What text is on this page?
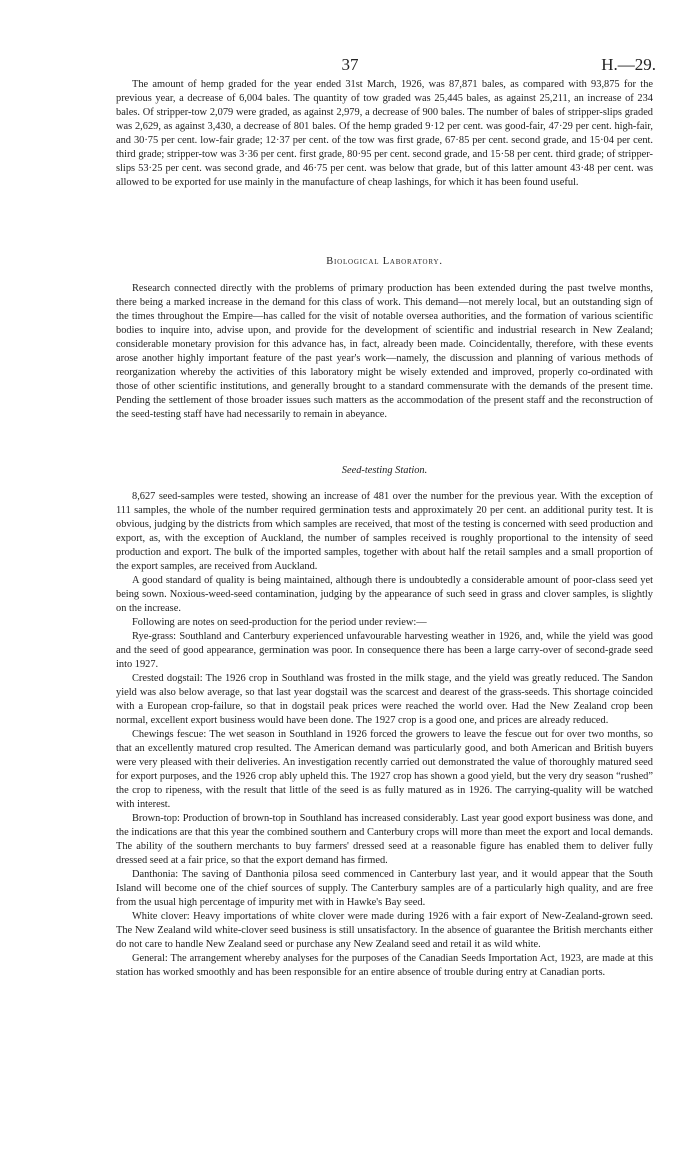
37	H.—29.

The amount of hemp graded for the year ended 31st March, 1926, was 87,871 bales, as compared with 93,875 for the previous year, a decrease of 6,004 bales. The quantity of tow graded was 25,445 bales, as against 25,211, an increase of 234 bales. Of stripper-tow 2,079 were graded, as against 2,979, a decrease of 900 bales. The number of bales of stripper-slips graded was 2,629, as against 3,430, a decrease of 801 bales. Of the hemp graded 9·12 per cent. was good-fair, 47·29 per cent. high-fair, and 30·75 per cent. low-fair grade; 12·37 per cent. of the tow was first grade, 67·85 per cent. second grade, and 15·04 per cent. third grade; stripper-tow was 3·36 per cent. first grade, 80·95 per cent. second grade, and 15·58 per cent. third grade; of stripper-slips 53·25 per cent. was second grade, and 46·75 per cent. was below that grade, but of this latter amount 43·48 per cent. was allowed to be exported for use mainly in the manufacture of cheap lashings, for which it has been found useful.

Biological Laboratory.

Research connected directly with the problems of primary production has been extended during the past twelve months, there being a marked increase in the demand for this class of work. This demand—not merely local, but an outstanding sign of the times throughout the Empire—has called for the visit of notable oversea authorities, and the formation of various scientific bodies to inquire into, advise upon, and provide for the development of scientific and industrial research in New Zealand; considerable monetary provision for this advance has, in fact, already been made. Coincidentally, therefore, with these events arose another highly important feature of the past year's work—namely, the discussion and planning of various methods of reorganization whereby the activities of this laboratory might be wisely extended and improved, properly co-ordinated with those of other scientific institutions, and generally brought to a standard commensurate with the demands of the present time. Pending the settlement of those broader issues such matters as the accommodation of the present staff and the reconstruction of the seed-testing staff have had necessarily to remain in abeyance.

Seed-testing Station.

8,627 seed-samples were tested, showing an increase of 481 over the number for the previous year. With the exception of 111 samples, the whole of the number required germination tests and approximately 20 per cent. an additional purity test. It is obvious, judging by the districts from which samples are received, that most of the testing is concerned with seed production and export, as, with the exception of Auckland, the number of samples received is roughly proportional to the intensity of seed production and export. The bulk of the imported samples, together with about half the retail samples and a small proportion of the export samples, are received from Auckland.

A good standard of quality is being maintained, although there is undoubtedly a considerable amount of poor-class seed yet being sown. Noxious-weed-seed contamination, judging by the appearance of such seed in grass and clover samples, is slightly on the increase.

Following are notes on seed-production for the period under review:—

Rye-grass: Southland and Canterbury experienced unfavourable harvesting weather in 1926, and, while the yield was good and the seed of good appearance, germination was poor. In consequence there has been a large carry-over of second-grade seed into 1927.

Crested dogstail: The 1926 crop in Southland was frosted in the milk stage, and the yield was greatly reduced. The Sandon yield was also below average, so that last year dogstail was the scarcest and dearest of the grass-seeds. This shortage coincided with a European crop-failure, so that in dogstail peak prices were reached the world over. Had the New Zealand crop been normal, excellent export business would have been done. The 1927 crop is a good one, and prices are already reduced.

Chewings fescue: The wet season in Southland in 1926 forced the growers to leave the fescue out for over two months, so that an excellently matured crop resulted. The American demand was particularly good, and both American and British buyers were very pleased with their deliveries. An investigation recently carried out demonstrated the value of thoroughly matured seed for export purposes, and the 1926 crop ably upheld this. The 1927 crop has shown a good yield, but the very dry season “rushed” the crop to ripeness, with the result that little of the seed is as fully matured as in 1926. The carrying-quality will be watched with interest.

Brown-top: Production of brown-top in Southland has increased considerably. Last year good export business was done, and the indications are that this year the combined southern and Canterbury crops will more than meet the export and local demands. The ability of the southern merchants to buy farmers' dressed seed at a reasonable figure has enabled them to deliver fully dressed seed at a fair price, so that the export demand has firmed.

Danthonia: The saving of Danthonia pilosa seed commenced in Canterbury last year, and it would appear that the South Island will become one of the chief sources of supply. The Canterbury samples are of a particularly high quality, and are free from the usual high percentage of impurity met with in Hawke's Bay seed.

White clover: Heavy importations of white clover were made during 1926 with a fair export of New-Zealand-grown seed. The New Zealand wild white-clover seed business is still unsatisfactory. In the absence of guarantee the British merchants either do not care to handle New Zealand seed or purchase any New Zealand seed and retail it as wild white.

General: The arrangement whereby analyses for the purposes of the Canadian Seeds Importation Act, 1923, are made at this station has worked smoothly and has been responsible for an entire absence of trouble during entry at Canadian ports.
